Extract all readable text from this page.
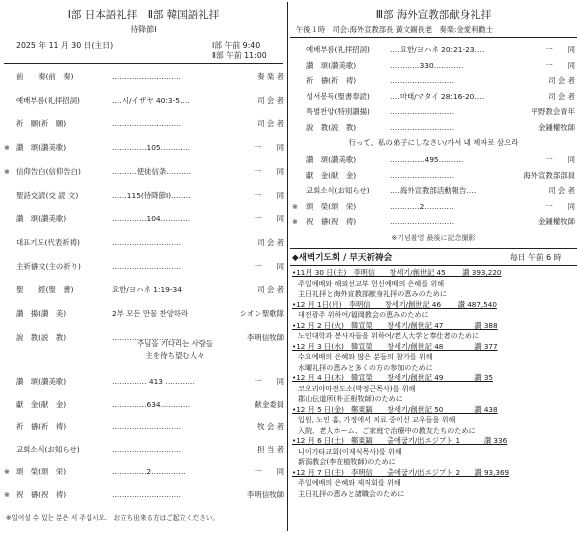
Ⅰ部 日本語礼拝　Ⅱ部 韓国語礼拝
待降節Ⅰ
2025 年 11 月 30 日(主日)	Ⅰ部 午前 9:40
Ⅱ部 午前 11:00
前　　奏(前　奏)	‥‥‥‥‥‥‥‥‥‥‥‥‥‥	奏 楽 者
예배부름(礼拝招詞)	‥‥시/イザヤ 40:3-5‥‥	司 会 者
祈　願(祈　願)	‥‥‥‥‥‥‥‥‥‥‥‥‥‥	司 会 者
※ 讃　頌(讃美歌)	‥‥‥‥‥‥‥105‥‥‥‥‥‥	一　　同
※ 信仰告白(信仰告白)	‥‥‥‥‥使徒信条‥‥‥‥‥	一　　同
聖詩交読(交 読 文)	‥‥‥115(待降節Ⅰ)‥‥‥‥	一　　同
讃　頌(讃美歌)	‥‥‥‥‥‥‥104‥‥‥‥‥‥	一　　同
대표기도(代表祈祷)	‥‥‥‥‥‥‥‥‥‥‥‥‥‥	司 会 者
主祈禱文(主の祈り)	‥‥‥‥‥‥‥‥‥‥‥‥‥‥	一　　同
聖　　經(聖　書)	요한/ヨハネ 1:19-34	司 会 者
讃　揚(讃　美)	2부 모든 만물 찬양하라	シオン聖歌隊
說　教(説　教)	‥‥‥‥‥‥‥‥‥‥‥‥‥‥	李明信牧師
주님을 기다리는 사람들
主を待ち望む人々
讃　頌(讃美歌)	‥‥‥‥‥‥‥ 413 ‥‥‥‥‥‥	一　　同
獻　金(献　金)	‥‥‥‥‥‥‥634‥‥‥‥‥‥	献金委員
祈　禱(祈　祷)	‥‥‥‥‥‥‥‥‥‥‥‥‥‥	牧 会 者
교회소식(お知らせ)	‥‥‥‥‥‥‥‥‥‥‥‥‥‥	担 当 者
※ 頌　榮(頌　栄)	‥‥‥‥‥‥‥2‥‥‥‥‥‥‥	一　　同
※ 祝　禱(祝　祷)	‥‥‥‥‥‥‥‥‥‥‥‥‥‥	李明信牧師
※일어설 수 있는 분은 서 주십시오.　お立ち出来る方はご起立ください。
Ⅲ部 海外宣教部献身礼拝
午後１時　司会:海外宣教部長 黃文錫長老　奏楽:金愛利勸士
예배부름(礼拝招詞)	‥‥요한/ヨハネ 20:21-23‥‥	一　　同
讃　頌(讃美歌)	‥‥‥‥‥‥330‥‥‥‥‥‥	一　　同
祈　禱(祈　祷)	‥‥‥‥‥‥‥‥‥‥‥‥‥	司 会 者
성서봉독(聖書奉読)	‥‥마태/マタイ 28:16-20‥‥	司 会 者
특별찬양(特別讃揚)	‥‥‥‥‥‥‥‥‥‥‥‥‥	平野教会青年
說　教(説　教)	‥‥‥‥‥‥‥‥‥‥‥‥‥	金鍾權牧師
行って、私の弟子にしなさい/가서 내 제자로 삼으라
讃　頌(讃美歌)	‥‥‥‥‥‥‥495‥‥‥‥‥	一　　同
獻　金(献　金)	‥‥‥‥‥‥‥‥‥‥‥‥‥	海外宣教部部員
교회소식(お知らせ)	‥‥海外宣教部活動報告‥‥	司 会 者
※ 頌　榮(頌　栄)	‥‥‥‥‥‥2‥‥‥‥‥‥	一　　同
※ 祝　禱(祝　祷)	‥‥‥‥‥‥‥‥‥‥‥‥‥	金鍾權牧師
※기념촬영 最後に記念撮影
◆새벽기도회 / 早天祈祷会	毎日 午前 6 時
•11月 30 日(主)　李明信　　창세기/創世記 45　　 讃 393,220
주일예배와 해외선교부 헌신예배의 은혜를 위해
主日礼拝と海外宣教部献身礼拝の恵みのために
•12 月 1日(月)　李明信　　창세기/創世記 46　　 讃 487,540
대전광주 위하여/福岡教会の恵みのために
•12 月 2 日(火)　韓宣榮　　창세기/創世記 47　　　　 讃 388
노인대학과 봉사자들을 위하여/老人大学と奉仕者のために
•12 月 3 日(水)　韓宣榮　　창세기/創世記 48　　　　 讃 377
수요예배의 은혜와 많은 분들의 참가를 위해
水曜礼拝の恵みと多くの方の参加のために
•12 月 4 日(木)　韓宣榮　　창세기/創世記 49　　　　 讃 35
코오리야마전도소(박정근목사)를 위해
郡山伝道所(朴正根牧師)のために
•12 月 5 日(金)　鄭東鎬　　창세기/創世記 50　　　　 讃 438
입원, 노인 홈, 가정에서 치료 중이신 교우들을 위해
入院、老人ホーム、ご家庭で治療中の教友たちのために
•12 月 6 日(土)　鄭東鎬　　출애굽기/出エジプト 1　　　 讃 336
니이가타교회(이재식목사)를 위해
新潟教会(李在植牧師)のために
•12 月 7 日(主)　李明信　　출애굽기/出エジプト 2　　讃 93,369
주일예배의 은혜와 제직회를 위해
主日礼拝の恵みと諸職会のために
